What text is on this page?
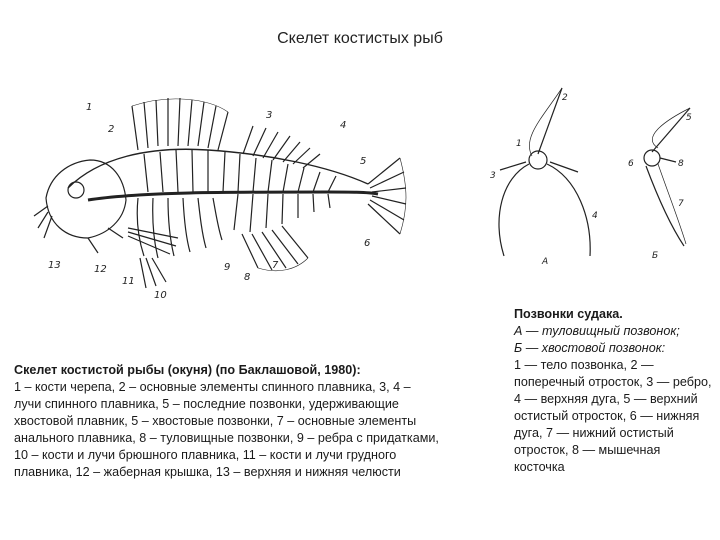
Скелет костистых рыб
1
2
3
4
5
6
7
8
9
10
11
12
13
1
2
3
4
5
6
7
8
А
Б
Скелет костистой рыбы (окуня) (по Баклашовой, 1980):
1 – кости черепа, 2 – основные элементы спинного плавника, 3, 4 – лучи спинного плавника, 5 – последние позвонки, удерживающие хвостовой плавник, 5 – хвостовые позвонки, 7 – основные элементы анального плавника, 8 – туловищные позвонки, 9 – ребра с придатками, 10 – кости и лучи брюшного плавника, 11 – кости и лучи грудного плавника, 12 – жаберная крышка, 13 – верхняя и нижняя челюсти
Позвонки судака.
А — туловищный позвонок;
Б — хвостовой позвонок:
1 — тело позвонка, 2 — поперечный отросток, 3 — ребро, 4 — верхняя дуга, 5 — верхний остистый отросток, 6 — нижняя дуга, 7 — нижний остистый отросток, 8 — мышечная косточка
